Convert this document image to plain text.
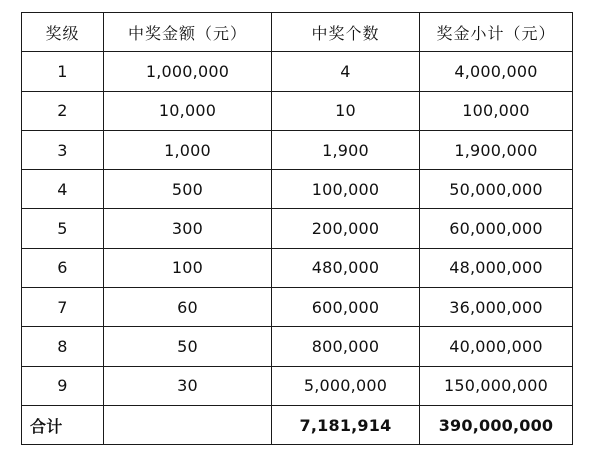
奖级	中奖金额（元）	中奖个数	奖金小计（元）
1	1,000,000	4	4,000,000
2	10,000	10	100,000
3	1,000	1,900	1,900,000
4	500	100,000	50,000,000
5	300	200,000	60,000,000
6	100	480,000	48,000,000
7	60	600,000	36,000,000
8	50	800,000	40,000,000
9	30	5,000,000	150,000,000
合计		7,181,914	390,000,000
